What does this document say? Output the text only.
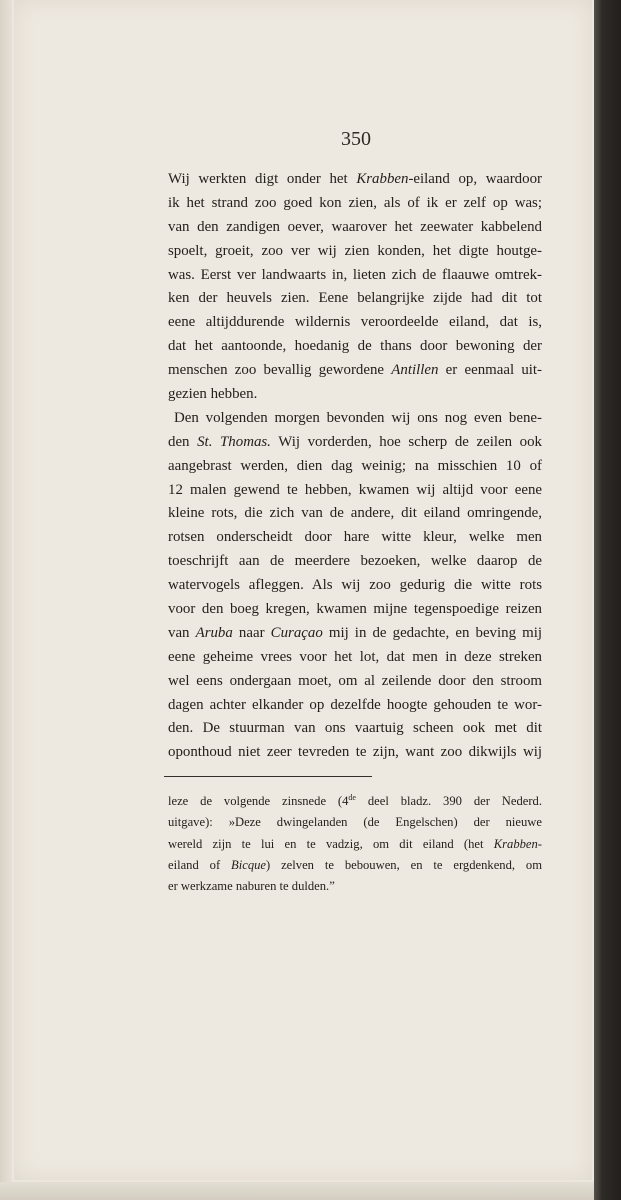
350
Wij werkten digt onder het Krabben-eiland op, waardoor
ik het strand zoo goed kon zien, als of ik er zelf op was;
van den zandigen oever, waarover het zeewater kabbelend
spoelt, groeit, zoo ver wij zien konden, het digte houtge-
was. Eerst ver landwaarts in, lieten zich de flaauwe omtrek-
ken der heuvels zien. Eene belangrijke zijde had dit tot
eene altijddurende wildernis veroordeelde eiland, dat is,
dat het aantoonde, hoedanig de thans door bewoning der
menschen zoo bevallig gewordene Antillen er eenmaal uit-
gezien hebben.
Den volgenden morgen bevonden wij ons nog even bene-
den St. Thomas. Wij vorderden, hoe scherp de zeilen ook
aangebrast werden, dien dag weinig; na misschien 10 of
12 malen gewend te hebben, kwamen wij altijd voor eene
kleine rots, die zich van de andere, dit eiland omringende,
rotsen onderscheidt door hare witte kleur, welke men
toeschrijft aan de meerdere bezoeken, welke daarop de
watervogels afleggen. Als wij zoo gedurig die witte rots
voor den boeg kregen, kwamen mijne tegenspoedige reizen
van Aruba naar Curaçao mij in de gedachte, en beving mij
eene geheime vrees voor het lot, dat men in deze streken
wel eens ondergaan moet, om al zeilende door den stroom
dagen achter elkander op dezelfde hoogte gehouden te wor-
den. De stuurman van ons vaartuig scheen ook met dit
oponthoud niet zeer tevreden te zijn, want zoo dikwijls wij
leze de volgende zinsnede (4de deel bladz. 390 der Nederd.
uitgave): »Deze dwingelanden (de Engelschen) der nieuwe
wereld zijn te lui en te vadzig, om dit eiland (het Krabben-
eiland of Bicque) zelven te bebouwen, en te ergdenkend, om
er werkzame naburen te dulden.”
